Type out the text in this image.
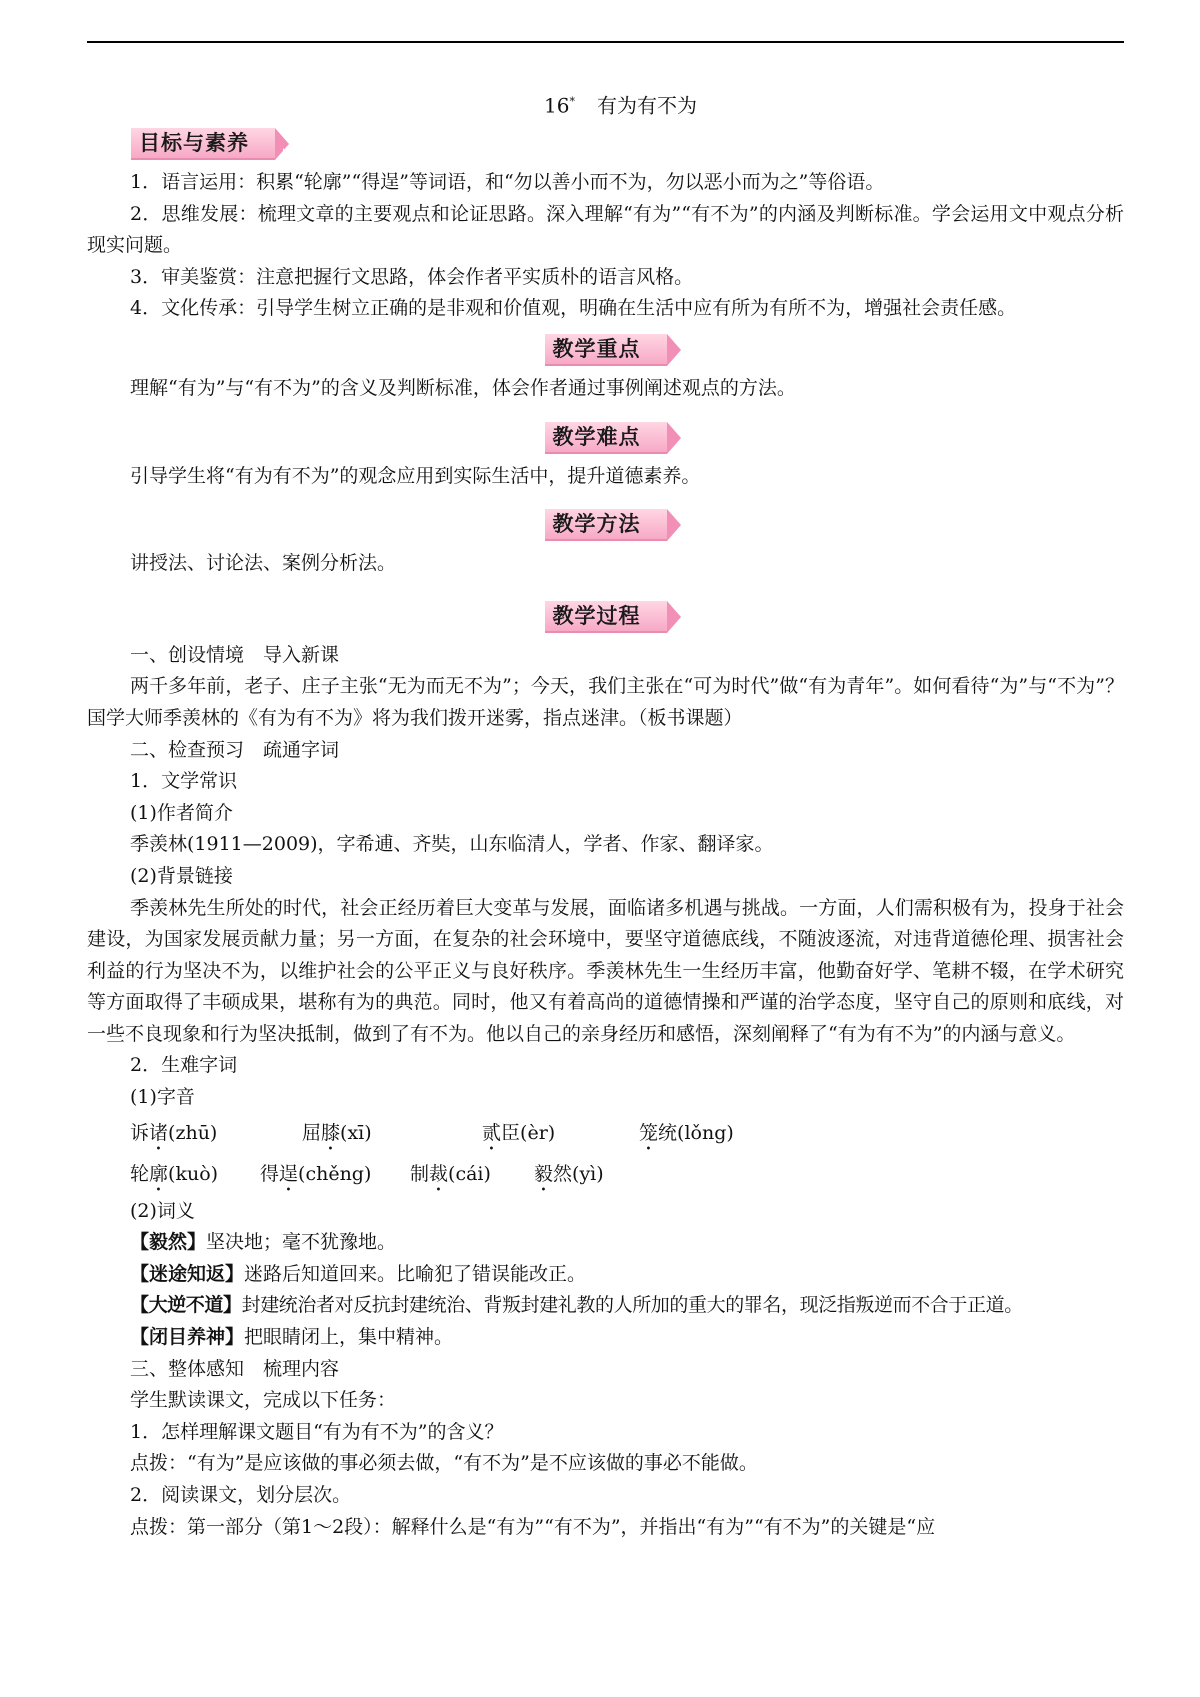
16* 有为有不为
目标与素养

1．语言运用：积累“轮廓”“得逞”等词语，和“勿以善小而不为，勿以恶小而为之”等俗语。

2．思维发展：梳理文章的主要观点和论证思路。深入理解“有为”“有不为”的内涵及判断标准。学会运用文中观点分析现实问题。

3．审美鉴赏：注意把握行文思路，体会作者平实质朴的语言风格。

4．文化传承：引导学生树立正确的是非观和价值观，明确在生活中应有所为有所不为，增强社会责任感。

教学重点

理解“有为”与“有不为”的含义及判断标准，体会作者通过事例阐述观点的方法。

教学难点

引导学生将“有为有不为”的观念应用到实际生活中，提升道德素养。

教学方法

讲授法、讨论法、案例分析法。

教学过程

一、创设情境　导入新课

两千多年前，老子、庄子主张“无为而无不为”；今天，我们主张在“可为时代”做“有为青年”。如何看待“为”与“不为”？国学大师季羡林的《有为有不为》将为我们拨开迷雾，指点迷津。（板书课题）

二、检查预习　疏通字词

1．文学常识

(1)作者简介

季羡林(1911—2009)，字希逋、齐奘，山东临清人，学者、作家、翻译家。

(2)背景链接

季羡林先生所处的时代，社会正经历着巨大变革与发展，面临诸多机遇与挑战。一方面，人们需积极有为，投身于社会建设，为国家发展贡献力量；另一方面，在复杂的社会环境中，要坚守道德底线，不随波逐流，对违背道德伦理、损害社会利益的行为坚决不为，以维护社会的公平正义与良好秩序。季羡林先生一生经历丰富，他勤奋好学、笔耕不辍，在学术研究等方面取得了丰硕成果，堪称有为的典范。同时，他又有着高尚的道德情操和严谨的治学态度，坚守自己的原则和底线，对一些不良现象和行为坚决抵制，做到了有不为。他以自己的亲身经历和感悟，深刻阐释了“有为有不为”的内涵与意义。

2．生难字词

(1)字音

诉诸(zhū)	屈膝(xī)	贰臣(èr)	笼统(lǒng)
轮廓(kuò)	得逞(chěng)	制裁(cái)	毅然(yì)

(2)词义

【毅然】坚决地；毫不犹豫地。

【迷途知返】迷路后知道回来。比喻犯了错误能改正。

【大逆不道】封建统治者对反抗封建统治、背叛封建礼教的人所加的重大的罪名，现泛指叛逆而不合于正道。

【闭目养神】把眼睛闭上，集中精神。

三、整体感知　梳理内容

学生默读课文，完成以下任务：

1．怎样理解课文题目“有为有不为”的含义？

点拨：“有为”是应该做的事必须去做，“有不为”是不应该做的事必不能做。

2．阅读课文，划分层次。

点拨：第一部分（第1～2段）：解释什么是“有为”“有不为”，并指出“有为”“有不为”的关键是“应
